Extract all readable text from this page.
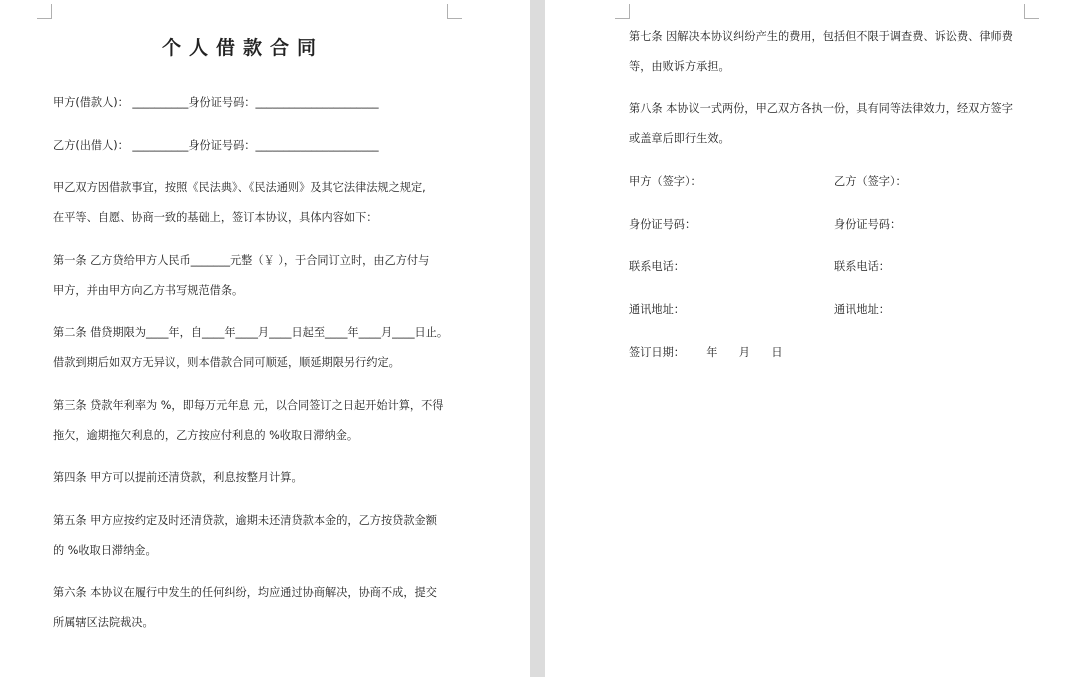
个人借款合同
甲方(借款人)： __________身份证号码：______________________
乙方(出借人)： __________身份证号码：______________________
甲乙双方因借款事宜，按照《民法典》、《民法通则》及其它法律法规之规定,
在平等、自愿、协商一致的基础上，签订本协议，具体内容如下：
第一条 乙方贷给甲方人民币_______元整（￥ ），于合同订立时，由乙方付与
甲方，并由甲方向乙方书写规范借条。
第二条 借贷期限为____年，自____年____月____日起至____年____月____日止。
借款到期后如双方无异议，则本借款合同可顺延，顺延期限另行约定。
第三条 贷款年利率为 %，即每万元年息 元，以合同签订之日起开始计算，不得
拖欠，逾期拖欠利息的，乙方按应付利息的 %收取日滞纳金。
第四条 甲方可以提前还清贷款，利息按整月计算。
第五条 甲方应按约定及时还清贷款，逾期未还清贷款本金的，乙方按贷款金额
的 %收取日滞纳金。
第六条 本协议在履行中发生的任何纠纷，均应通过协商解决，协商不成，提交
所属辖区法院裁决。
第七条 因解决本协议纠纷产生的费用，包括但不限于调查费、诉讼费、律师费
等，由败诉方承担。
第八条 本协议一式两份，甲乙双方各执一份，具有同等法律效力，经双方签字
或盖章后即行生效。
甲方（签字）：	乙方（签字）：
身份证号码：	身份证号码：
联系电话：	联系电话：
通讯地址：	通讯地址：
签订日期：      年      月      日
